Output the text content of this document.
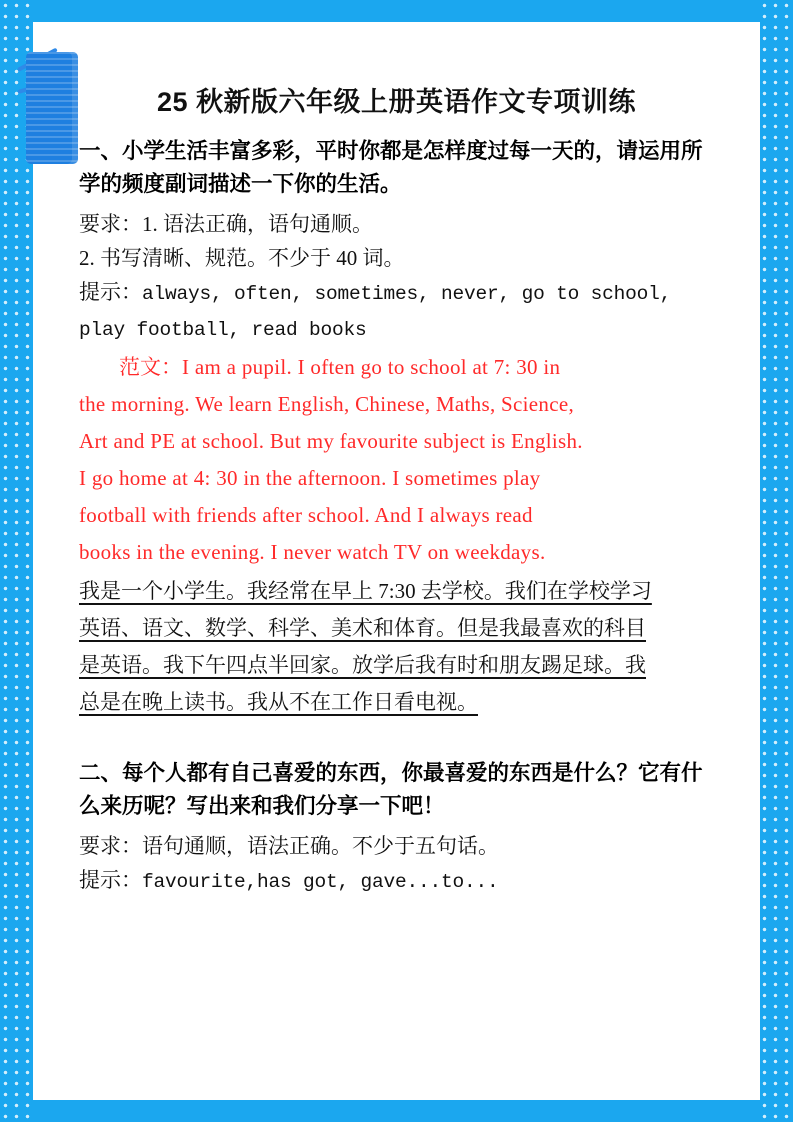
25 秋新版六年级上册英语作文专项训练
一、小学生活丰富多彩，平时你都是怎样度过每一天的，请运用所学的频度副词描述一下你的生活。
要求：1. 语法正确，语句通顺。
2. 书写清晰、规范。不少于 40 词。
提示：always, often, sometimes, never, go to school, play football, read books
范文：I am a pupil. I often go to school at 7: 30 in
the morning. We learn English, Chinese, Maths, Science,
Art and PE at school. But my favourite subject is English.
I go home at 4: 30 in the afternoon. I sometimes play
football with friends after school. And I always read
books in the evening. I never watch TV on weekdays.
我是一个小学生。我经常在早上 7:30 去学校。我们在学校学习
英语、语文、数学、科学、美术和体育。但是我最喜欢的科目
是英语。我下午四点半回家。放学后我有时和朋友踢足球。我
总是在晚上读书。我从不在工作日看电视。
二、每个人都有自己喜爱的东西，你最喜爱的东西是什么？它有什么来历呢？写出来和我们分享一下吧！
要求：语句通顺，语法正确。不少于五句话。
提示：favourite,has got, gave...to...
